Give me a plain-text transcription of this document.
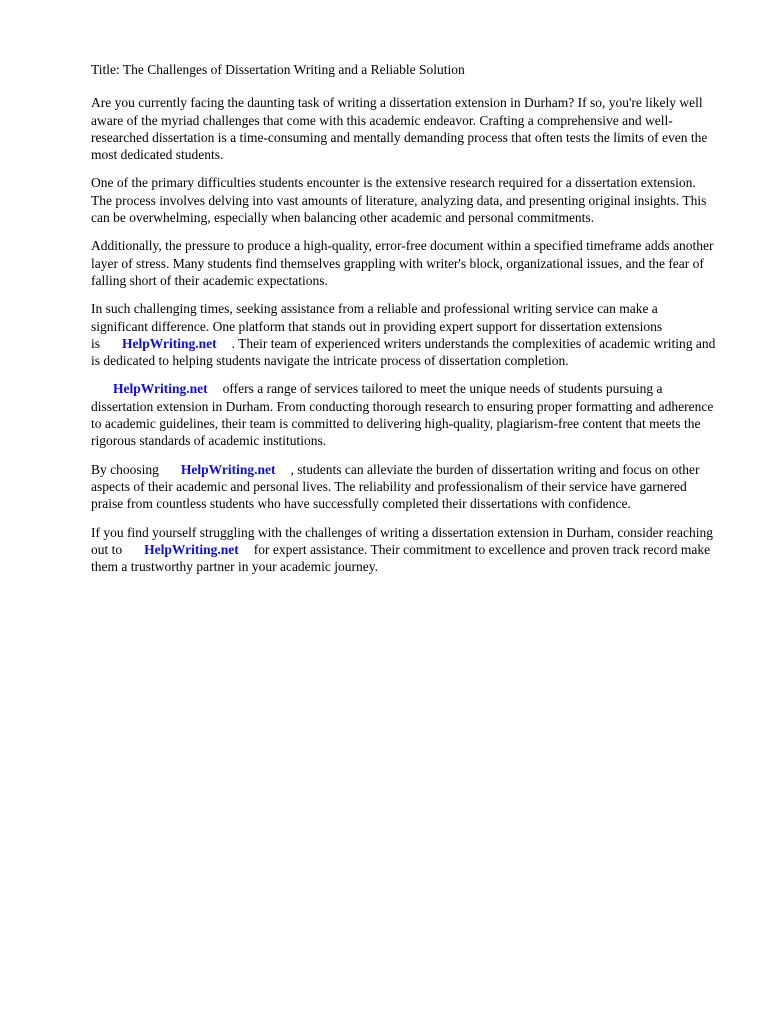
Title: The Challenges of Dissertation Writing and a Reliable Solution

Are you currently facing the daunting task of writing a dissertation extension in Durham? If so, you're likely well aware of the myriad challenges that come with this academic endeavor. Crafting a comprehensive and well-researched dissertation is a time-consuming and mentally demanding process that often tests the limits of even the most dedicated students.

One of the primary difficulties students encounter is the extensive research required for a dissertation extension. The process involves delving into vast amounts of literature, analyzing data, and presenting original insights. This can be overwhelming, especially when balancing other academic and personal commitments.

Additionally, the pressure to produce a high-quality, error-free document within a specified timeframe adds another layer of stress. Many students find themselves grappling with writer's block, organizational issues, and the fear of falling short of their academic expectations.

In such challenging times, seeking assistance from a reliable and professional writing service can make a significant difference. One platform that stands out in providing expert support for dissertation extensions is HelpWriting.net . Their team of experienced writers understands the complexities of academic writing and is dedicated to helping students navigate the intricate process of dissertation completion.

HelpWriting.net offers a range of services tailored to meet the unique needs of students pursuing a dissertation extension in Durham. From conducting thorough research to ensuring proper formatting and adherence to academic guidelines, their team is committed to delivering high-quality, plagiarism-free content that meets the rigorous standards of academic institutions.

By choosing HelpWriting.net , students can alleviate the burden of dissertation writing and focus on other aspects of their academic and personal lives. The reliability and professionalism of their service have garnered praise from countless students who have successfully completed their dissertations with confidence.

If you find yourself struggling with the challenges of writing a dissertation extension in Durham, consider reaching out to HelpWriting.net for expert assistance. Their commitment to excellence and proven track record make them a trustworthy partner in your academic journey.
